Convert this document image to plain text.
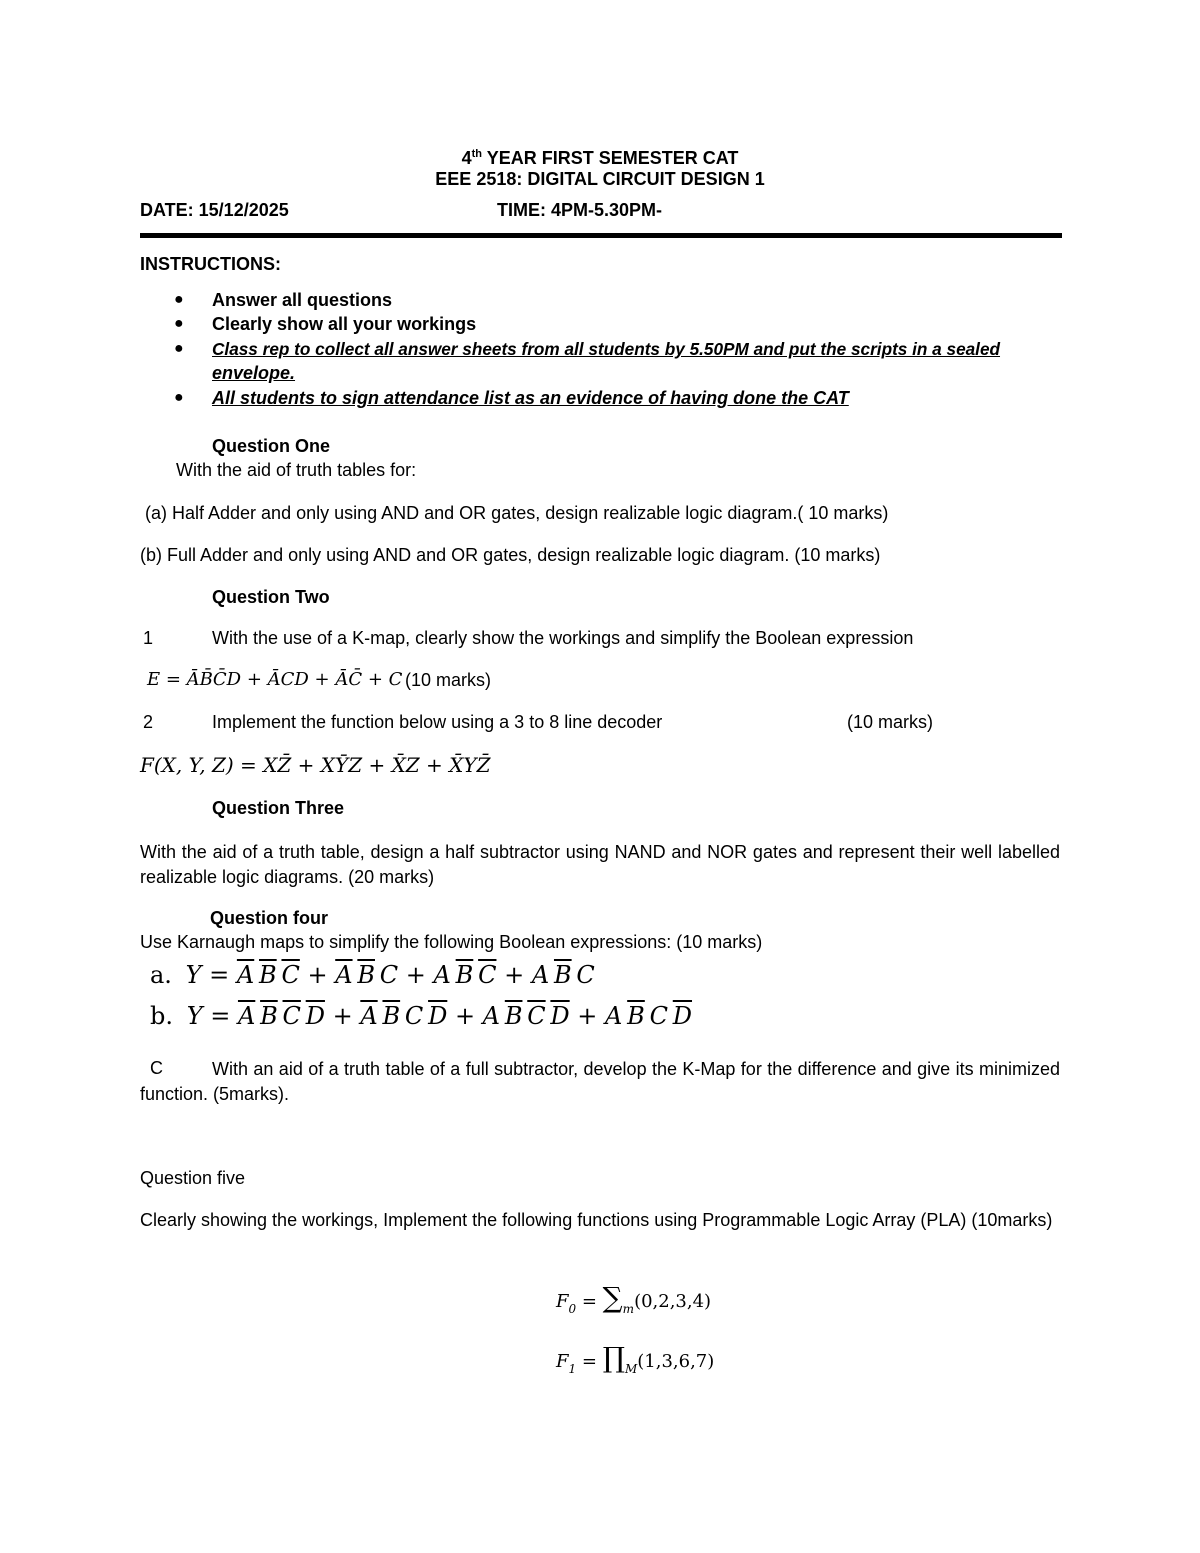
4th YEAR FIRST SEMESTER CAT
EEE 2518: DIGITAL CIRCUIT DESIGN 1
DATE: 15/12/2025	TIME: 4PM-5.30PM-
INSTRUCTIONS:
● Answer all questions
● Clearly show all your workings
● Class rep to collect all answer sheets from all students by 5.50PM and put the scripts in a sealed
envelope.
● All students to sign attendance list as an evidence of having done the CAT
Question One
With the aid of truth tables for:
(a) Half Adder and only using AND and OR gates, design realizable logic diagram.( 10 marks)
(b) Full Adder and only using AND and OR gates, design realizable logic diagram. (10 marks)
Question Two
1	With the use of a K-map, clearly show the workings and simplify the Boolean expression
E = ĀB̄C̄D + ĀCD + ĀC̄ + C (10 marks)
2	Implement the function below using a 3 to 8 line decoder	(10 marks)
F(X, Y, Z) = XZ̄ + XȲZ + X̄Z + X̄YZ̄
Question Three
With the aid of a truth table, design a half subtractor using NAND and NOR gates and represent their well labelled realizable logic diagrams. (20 marks)
Question four
Use Karnaugh maps to simplify the following Boolean expressions: (10 marks)
a. $Y = \overline{A}$  $\overline{B}$  $\overline{C} + \overline{A}$  $\overline{B}$ C + A $\overline{B}$  $\overline{C} + A$ $\overline{B}$ C
b. $Y = \overline{A}$  $\overline{B}$  $\overline{C}$  $\overline{D} + \overline{A}$  $\overline{B}$ C $\overline{D} + A$ $\overline{B}$  $\overline{C}$  $\overline{D} + A$ $\overline{B}$ C $\overline{D}$
C	With an aid of a truth table of a full subtractor, develop the K-Map for the difference and give its minimized function. (5marks).
Question five
Clearly showing the workings, Implement the following functions using Programmable Logic Array (PLA) (10marks)
$F_0 = \sum_m(0,2,3,4)$
$F_1$ = $\prod_M(1,3,6,7)$
